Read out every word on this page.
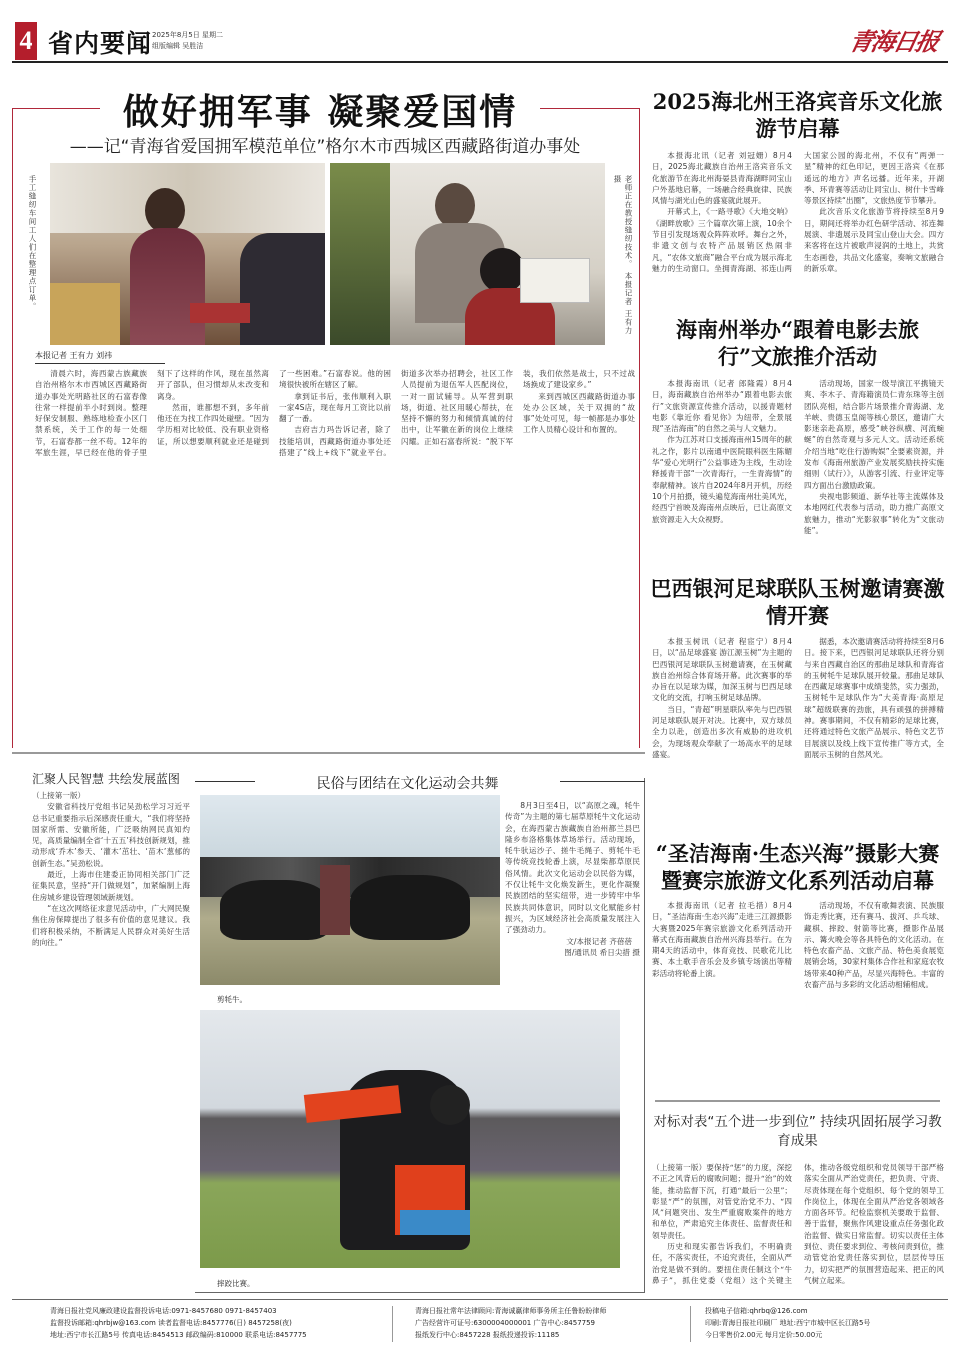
4 省内要闻 2025年8月5日 星期二
组版编辑 吴胜洁	青海日报
做好拥军事 凝聚爱国情
——记“青海省爱国拥军模范单位”格尔木市西城区西藏路街道办事处
手工缝纫车间工人们在整理点订单。	老师正在教授缝纫技术。 本报记者 王有力 摄
本报记者 王有力 刘祎

清晨六时，海西蒙古族藏族自治州格尔木市西城区西藏路街道办事处光明路社区的石富春像往常一样提前半小时到岗。整理好保安制服、熟练地检查小区门禁系统，关于工作的每一处细节，石富春都一丝不苟。12年的军旅生涯，早已经在他的骨子里刻下了这样的作风，现在虽然离开了部队，但习惯却从未改变和离身。

然而，谁都想不到，多年前他还在为找工作四处碰壁。“因为学历相对比较低、没有职业资格证，所以想要顺利就业还是碰到了一些困难。”石富春说。他的困境很快被所在辖区了解。

拿到证书后，张伟顺利入职一家4S店，现在每月工资比以前翻了一番。

吉府吉力玛告诉记者，除了技能培训，西藏路街道办事处还搭建了“线上+线下”就业平台。街道多次举办招聘会，社区工作人员提前为退伍军人匹配岗位，一对一面试辅导。从军营到职场，街道、社区用暖心帮扶，在坚持不懈的努力和倾情真诚的付出中，让军徽在新的岗位上继续闪耀。正如石富春所说：“脱下军装，我们依然是战士，只不过战场换成了建设家乡。”

来到西城区西藏路街道办事处办公区域，关于双拥的“故事”处处可见，每一帧都是办事处工作人员精心设计和布置的。

2025海北州王洛宾音乐文化旅游节启幕

本报海北讯（记者 刘冠姗）8月4日，2025海北藏族自治州王洛宾音乐文化旅游节在海北州海晏县青海湖畔同宝山户外基地启幕，一场融合经典旋律、民族风情与湖光山色的盛宴就此展开。

开幕式上，《一路寻歌》《大地交响》《湖畔放歌》三个篇章次第上演，10余个节目引发现场观众阵阵欢呼。舞台之外，非遗文创与农特产品展销区热闹非凡，“农体文旅商”融合平台成为展示海北魅力的生动窗口。坐拥青海湖、祁连山两大国家公园的海北州，不仅有“两弹一星”精神的红色印记，更因王洛宾《在那遥远的地方》声名远播。近年来，开湖季、环青赛等活动让同宝山、树什卡雪峰等景区持续“出圈”，文旅热度节节攀升。

此次音乐文化旅游节将持续至8月9日，期间还将举办红色研学活动、祁连舞展演、非遗展示及同宝山登山大会。四方来客将在这片被歌声浸润的土地上，共赏生态画卷，共品文化盛宴，奏响文旅融合的新乐章。

海南州举办“跟着电影去旅行”文旅推介活动

本报海南讯（记者 郎隆霞）8月4日，海南藏族自治州举办“跟着电影去旅行”文旅资源宣传推介活动，以援青题材电影《靠近你 看见你》为纽带，全景展现“圣洁海南”的自然之美与人文魅力。

作为江苏对口支援海南州15周年的献礼之作，影片以南通中医院眼科医生陈媚华“爱心光明行”公益事迹为主线，生动诠释援青干部“一次青海行，一生青海情”的奉献精神。该片自2024年8月开机，历经10个月拍摄，镜头遍览海南州壮美风光，经西宁首映及海南州点映后，已让高原文旅资源走入大众视野。

活动现场，国家一级导演江平携镜天爽、李木子、青海籍演员仁青东珠等主创团队亮相，结合影片场景推介青海湖、龙羊峡、贵德玉皇阁等核心景区，邀请广大影迷亲赴高原，感受“峡谷纵横、河流蜿蜒”的自然奇观与多元人文。活动还系统介绍当地“吃住行游购娱”全要素资源，并发布《海南州旅游产业发展奖励扶持实施细则（试行）》，从游客引流、行业评定等四方面出台激励政策。

央视电影频道、新华社等主流媒体及本地网红代表参与活动，助力推广高原文旅魅力，推动“光影叙事”转化为“文旅动能”。

巴西银河足球联队玉树邀请赛激情开赛

本报玉树讯（记者 程宦宁）8月4日，以“品足球盛宴 游江源玉树”为主题的巴西银河足球联队玉树邀请赛，在玉树藏族自治州综合体育场开幕。此次赛事的举办旨在以足球为媒，加深玉树与巴西足球文化的交流，打响玉树足球品牌。

当日，“青超”明星联队率先与巴西银河足球联队展开对决。比赛中，双方球员全力以赴，创造出多次有威胁的进攻机会，为现场观众奉献了一场高水平的足球盛宴。

据悉，本次邀请赛活动将持续至8月6日。接下来，巴西银河足球联队还将分别与来自西藏自治区的那曲足球队和青海省的玉树牦牛足球队展开较量。那曲足球队在西藏足球赛事中成绩斐然，实力强劲，玉树牦牛足球队作为“大美青海·高原足球”超级联赛的劲旅，具有顽强的拼搏精神。赛事期间，不仅有精彩的足球比赛，还将通过特色文旅产品展示、特色文艺节目展演以及线上线下宣传推广等方式，全面展示玉树的自然风光。

“圣洁海南·生态兴海”摄影大赛暨赛宗旅游文化系列活动启幕

本报海南讯（记者 拉毛措）8月4日，“圣洁海南·生态兴海”走进三江源摄影大赛暨2025年赛宗旅游文化系列活动开幕式在海南藏族自治州兴海县举行。在为期4天的活动中，体育竞技、民歌花儿比赛、本土歌手音乐会及乡镇专场演出等精彩活动将轮番上演。

活动现场，不仅有歌舞表演、民族服饰走秀比赛，还有赛马、拔河、乒乓球、藏棋、摔跤、射箭等比赛，摄影作品展示、篝火晚会等各具特色的文化活动。在特色农畜产品、文旅产品、特色美食展览展销会场，30家村集体合作社和家庭农牧场带来40种产品，尽显兴海特色。丰富的农畜产品与多彩的文化活动相辅相成。

对标对表“五个进一步到位” 持续巩固拓展学习教育成果

（上接第一版）要保持“惩”的力度，深挖不正之风背后的腐败问题；提升“治”的效能，推动监督下沉，打通“最后一公里”；彰显“严”的氛围，对管党治党不力、“四风”问题突出、发生严重腐败案件的地方和单位，严肃追究主体责任、监督责任和领导责任。

历史和现实都告诉我们，不明确责任，不落实责任，不追究责任，全面从严治党是做不到的。要扭住责任制这个“牛鼻子”，抓住党委（党组）这个关键主体，推动各级党组织和党员领导干部严格落实全面从严治党责任，把负责、守责、尽责体现在每个党组织、每个党的领导工作岗位上，体现在全面从严治党各领域各方面各环节。纪检监察机关要敢于监督、善于监督，聚焦作风建设重点任务强化政治监督、做实日常监督。切实以责任主体到位、责任要求到位、考核问责到位，推动管党治党责任落实到位，层层传导压力，切实把严的氛围营造起来、把正的风气树立起来。

汇聚人民智慧 共绘发展蓝图

（上接第一版）

安徽省科技厅党组书记吴劲松学习习近平总书记重要指示后深感责任重大，“我们将坚持国家所需、安徽所能，广泛吸纳网民真知灼见，高质量编制全省‘十五五’科技创新规划，推动形成‘乔木’参天、‘灌木’茁壮、‘苗木’葱郁的创新生态。”吴劲松说。

最近，上海市住建委正协同相关部门广泛征集民意，坚持“开门做规划”，加紧编制上海住房城乡建设管理领域新规划。

“在这次网络征求意见活动中，广大网民聚焦住房保障提出了很多有价值的意见建议。我们将积极采纳，不断满足人民群众对美好生活的向往。”

民俗与团结在文化运动会共舞
剪牦牛。

8月3日至4日，以“高原之魂，牦牛传奇”为主题的第七届草原牦牛文化运动会，在海西蒙古族藏族自治州都兰县巴隆乡布洛格集体草场举行。活动现场，牦牛驮运沙子、搓牛毛绳子、剪牦牛毛等传统竞技轮番上演，尽显柴都草原民俗风情。此次文化运动会以民俗为媒，不仅让牦牛文化焕发新生，更化作凝聚民族团结的坚实纽带，进一步铸牢中华民族共同体意识，同时以文化赋能乡村振兴，为区域经济社会高质量发展注入了强劲动力。

文/本报记者 齐蓓蓓
图/通讯员 希日尖措 摄
摔跤比赛。
青海日报社党风廉政建设监督投诉电话:0971-8457680 0971-8457403
监督投诉邮箱:qhrbjw@163.com 读者监督电话:8457776(日) 8457258(夜)
地址:西宁市长江路5号 传真电话:8454513 邮政编码:810000 联系电话:8457775
青海日报社常年法律顾问:青海诚赢律师事务所主任鲁盼盼律师
广告经营许可证号:6300004000001 广告中心:8457759
报纸发行中心:8457228 报纸投递投诉:11185
投稿电子信箱:qhrbq@126.com
印刷:青海日报社印刷厂 地址:西宁市城中区长江路5号
今日零售价2.00元 每月定价:50.00元
